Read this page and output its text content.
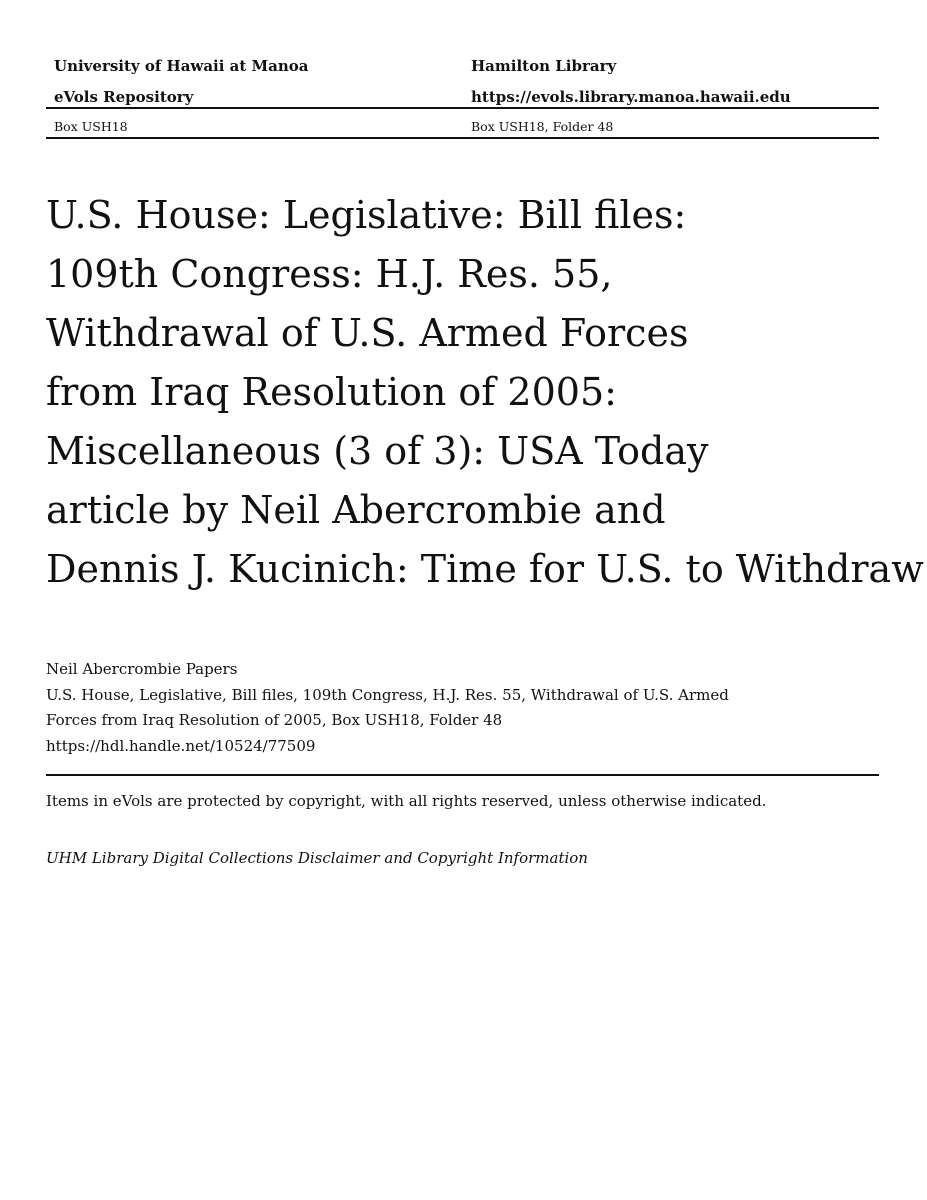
University of Hawaii at Manoa	Hamilton Library
eVols Repository	https://evols.library.manoa.hawaii.edu
Box USH18	Box USH18, Folder 48
U.S. House: Legislative: Bill files:
109th Congress: H.J. Res. 55,
Withdrawal of U.S. Armed Forces
from Iraq Resolution of 2005:
Miscellaneous (3 of 3): USA Today
article by Neil Abercrombie and
Dennis J. Kucinich: Time for U.S. to Withdraw
Neil Abercrombie Papers
U.S. House, Legislative, Bill files, 109th Congress, H.J. Res. 55, Withdrawal of U.S. Armed
Forces from Iraq Resolution of 2005, Box USH18, Folder 48
https://hdl.handle.net/10524/77509
Items in eVols are protected by copyright, with all rights reserved, unless otherwise indicated.
UHM Library Digital Collections Disclaimer and Copyright Information
